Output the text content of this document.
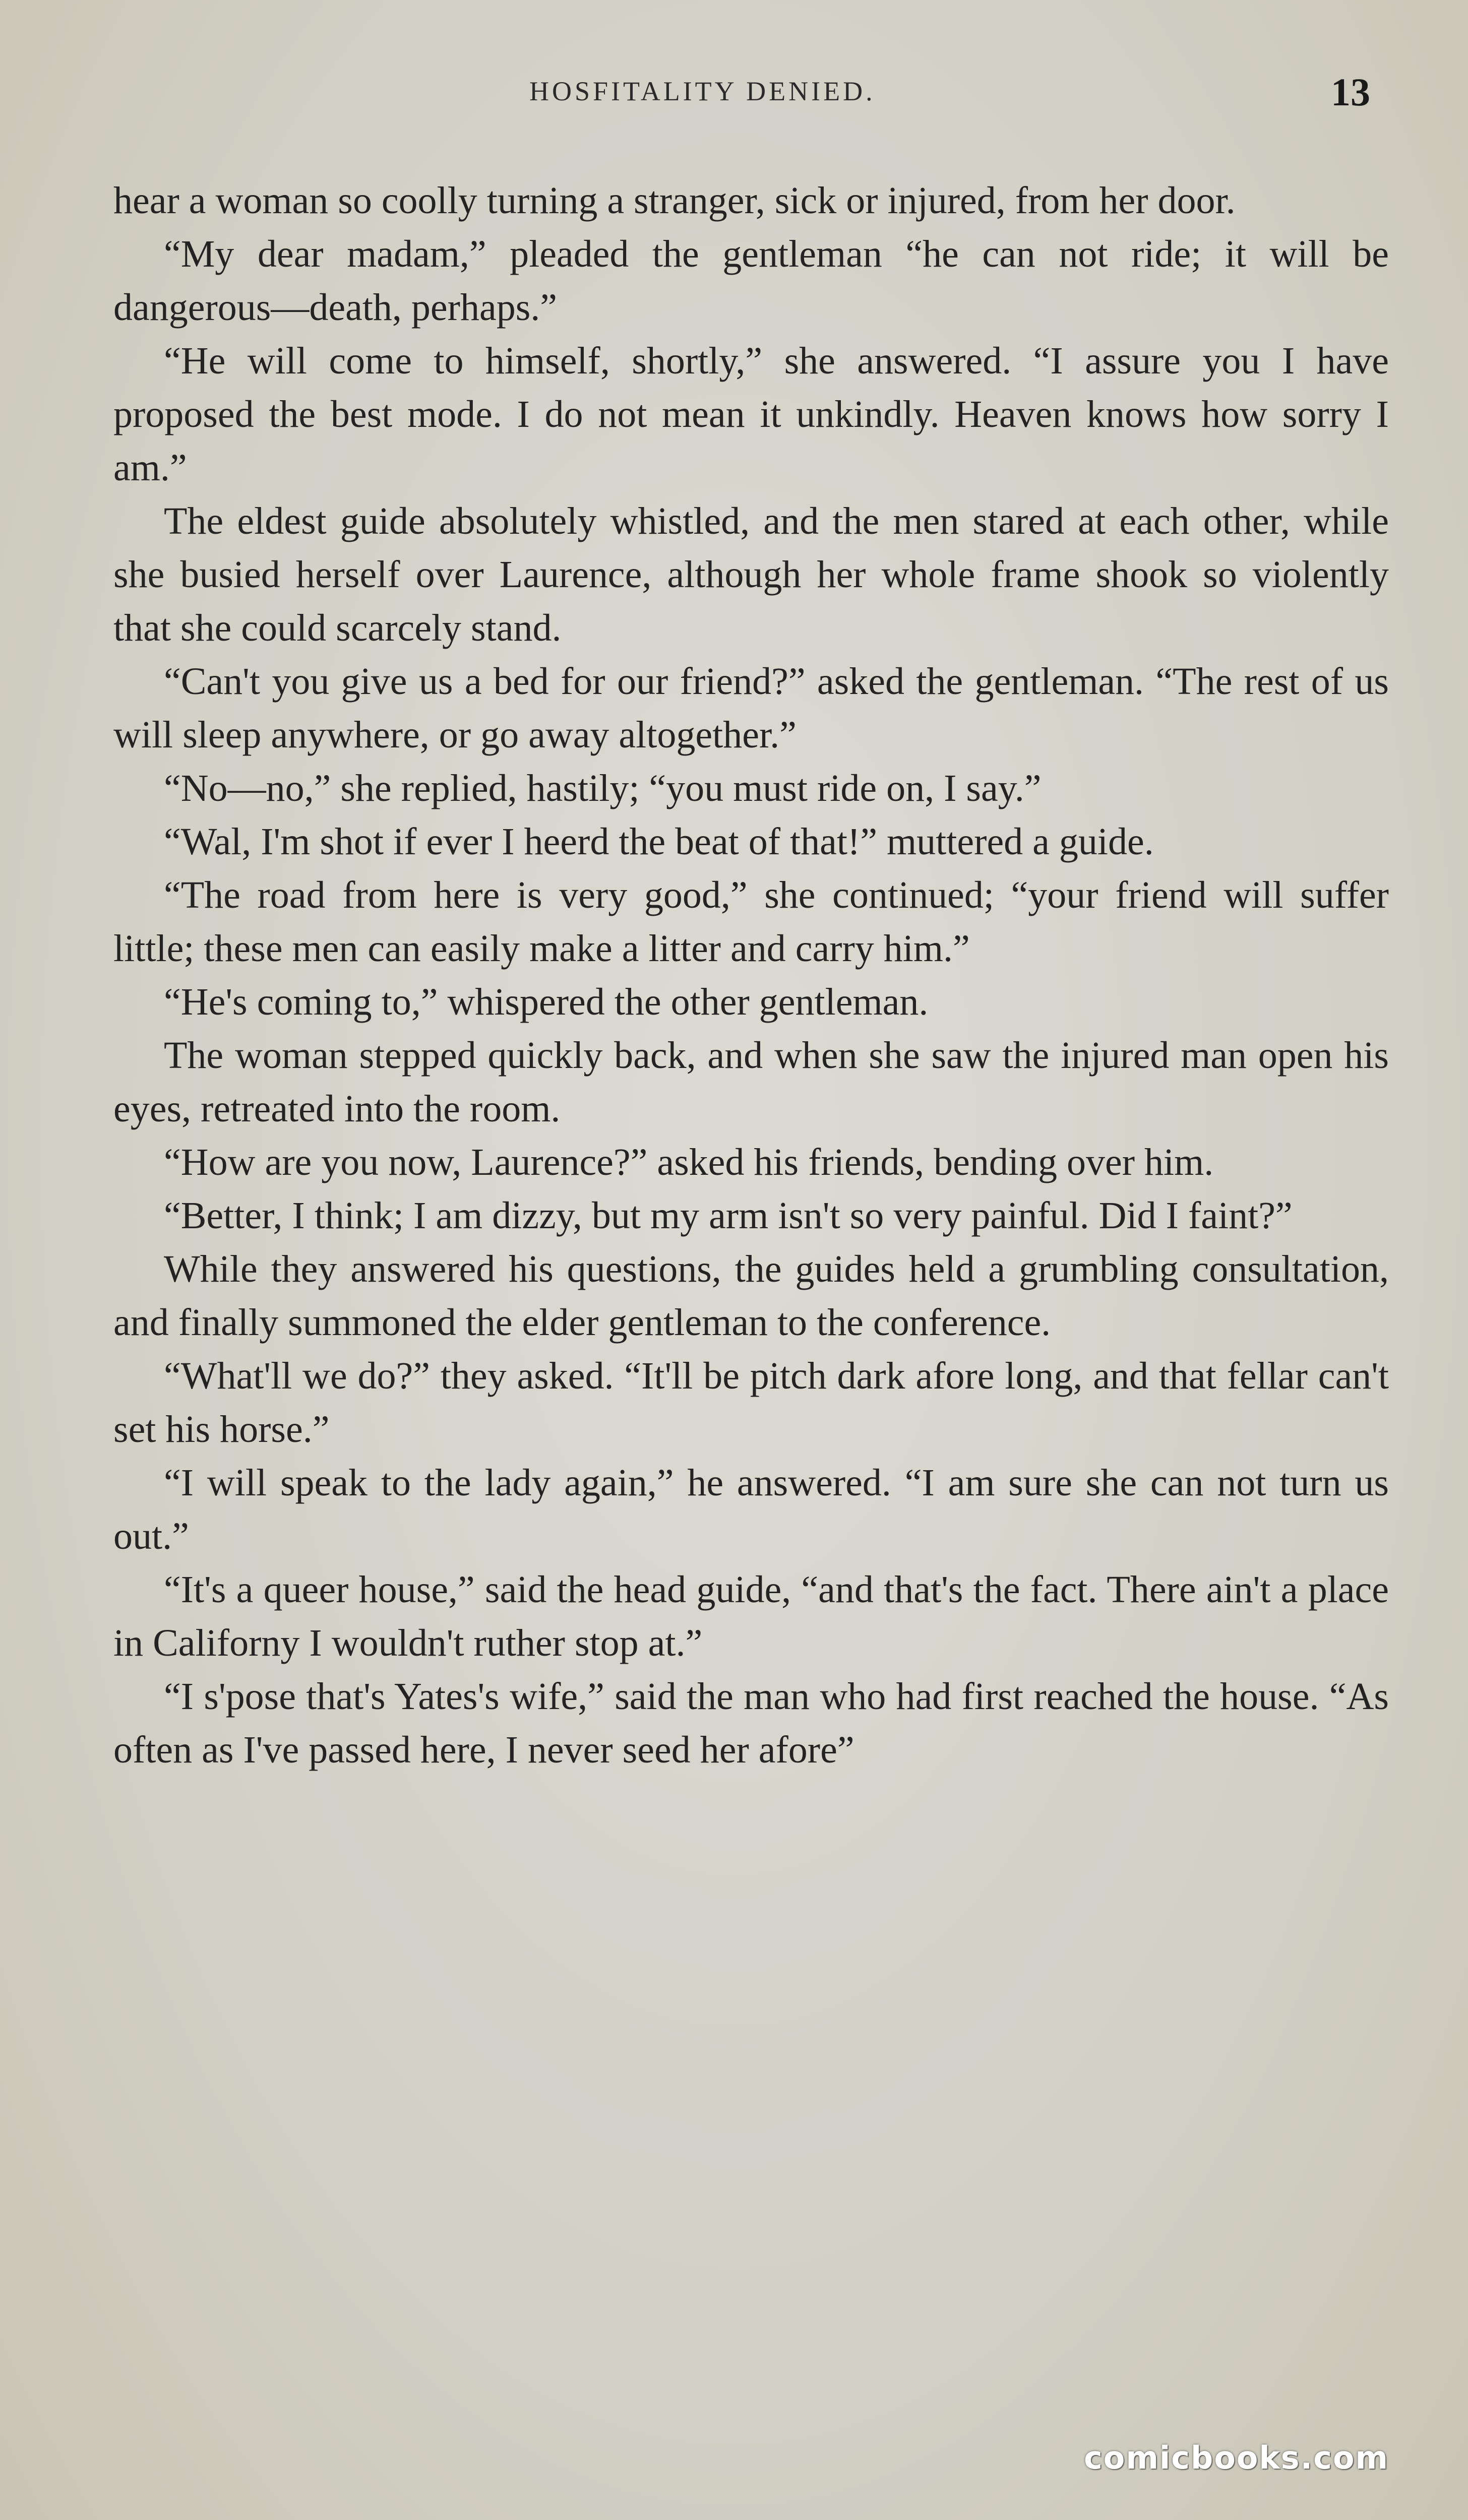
HOSFITALITY DENIED.	13

hear a woman so coolly turning a stranger, sick or injured, from her door.

“My dear madam,” pleaded the gentleman “he can not ride; it will be dangerous—death, perhaps.”

“He will come to himself, shortly,” she answered. “I assure you I have proposed the best mode. I do not mean it unkindly. Heaven knows how sorry I am.”

The eldest guide absolutely whistled, and the men stared at each other, while she busied herself over Laurence, although her whole frame shook so violently that she could scarcely stand.

“Can't you give us a bed for our friend?” asked the gentleman. “The rest of us will sleep anywhere, or go away altogether.”

“No—no,” she replied, hastily; “you must ride on, I say.”

“Wal, I'm shot if ever I heerd the beat of that!” muttered a guide.

“The road from here is very good,” she continued; “your friend will suffer little; these men can easily make a litter and carry him.”

“He's coming to,” whispered the other gentleman.

The woman stepped quickly back, and when she saw the injured man open his eyes, retreated into the room.

“How are you now, Laurence?” asked his friends, bending over him.

“Better, I think; I am dizzy, but my arm isn't so very painful. Did I faint?”

While they answered his questions, the guides held a grumbling consultation, and finally summoned the elder gentleman to the conference.

“What'll we do?” they asked. “It'll be pitch dark afore long, and that fellar can't set his horse.”

“I will speak to the lady again,” he answered. “I am sure she can not turn us out.”

“It's a queer house,” said the head guide, “and that's the fact. There ain't a place in Californy I wouldn't ruther stop at.”

“I s'pose that's Yates's wife,” said the man who had first reached the house. “As often as I've passed here, I never seed her afore”

comicbooks.com
